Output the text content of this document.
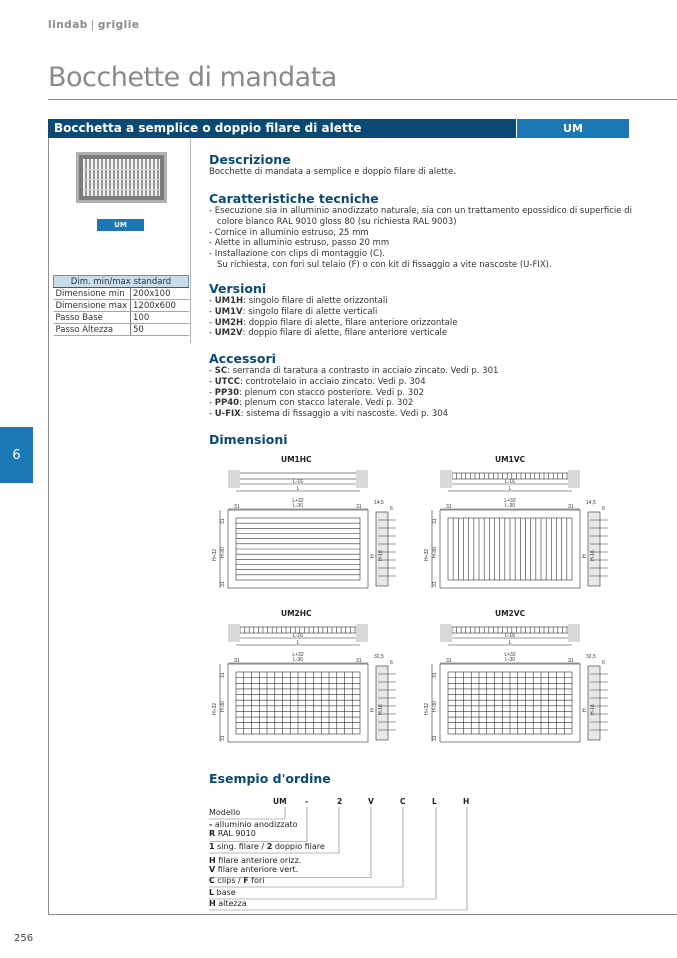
lindab | griglie
Bocchette di mandata
Bocchetta a semplice o doppio filare di alette	UM
UM
Dim. min/max standard	
Dimensione min	200x100
Dimensione max	1200x600
Passo Base	100
Passo Altezza	50
Descrizione
Bocchette di mandata a semplice e doppio filare di alette.
Caratteristiche tecniche
- Esecuzione sia in alluminio anodizzato naturale, sia con un trattamento epossidico di superficie di
colore bianco RAL 9010 gloss 80 (su richiesta RAL 9003)
- Cornice in alluminio estruso, 25 mm
- Alette in alluminio estruso, passo 20 mm
- Installazione con clips di montaggio (C).
Su richiesta, con fori sul telaio (F) o con kit di fissaggio a vite nascoste (U-FIX).
Versioni
- UM1H: singolo filare di alette orizzontali
- UM1V: singolo filare di alette verticali
- UM2H: doppio filare di alette, filare anteriore orizzontale
- UM2V: doppio filare di alette, filare anteriore verticale
Accessori
- SC: serranda di taratura a contrasto in acciaio zincato. Vedi p. 301
- UTCC: controtelaio in acciaio zincato. Vedi p. 304
- PP30: plenum con stacco posteriore. Vedi p. 302
- PP40: plenum con stacco laterale. Vedi p. 302
- U-FIX: sistema di fissaggio a viti nascoste. Vedi p. 304
Dimensioni
UM1HC	UM1VC
UM2HC	UM2VC
L-16
L
L+32
L-30
31	31
H+32 H-30
31
31
14,5
6
H H-16
L-16
L
L+32
L-30
31	31
H+32 H-30
31
31
14,5
6
H H-16
L-16
L
L+32
L-30
31	31
H+32 H-30
31
31
32,5
6
H H-16
L-16
L
L+32
L-30
31	31
H+32 H-30
31
31
32,5
6
H H-16
Esempio d'ordine
UM -	2	V	C	L	H
Modello
- alluminio anodizzato
R RAL 9010
1 sing. filare / 2 doppio filare
H filare anteriore orizz.
V filare anteriore vert.
C clips / F fori
L base
H altezza
6
256
